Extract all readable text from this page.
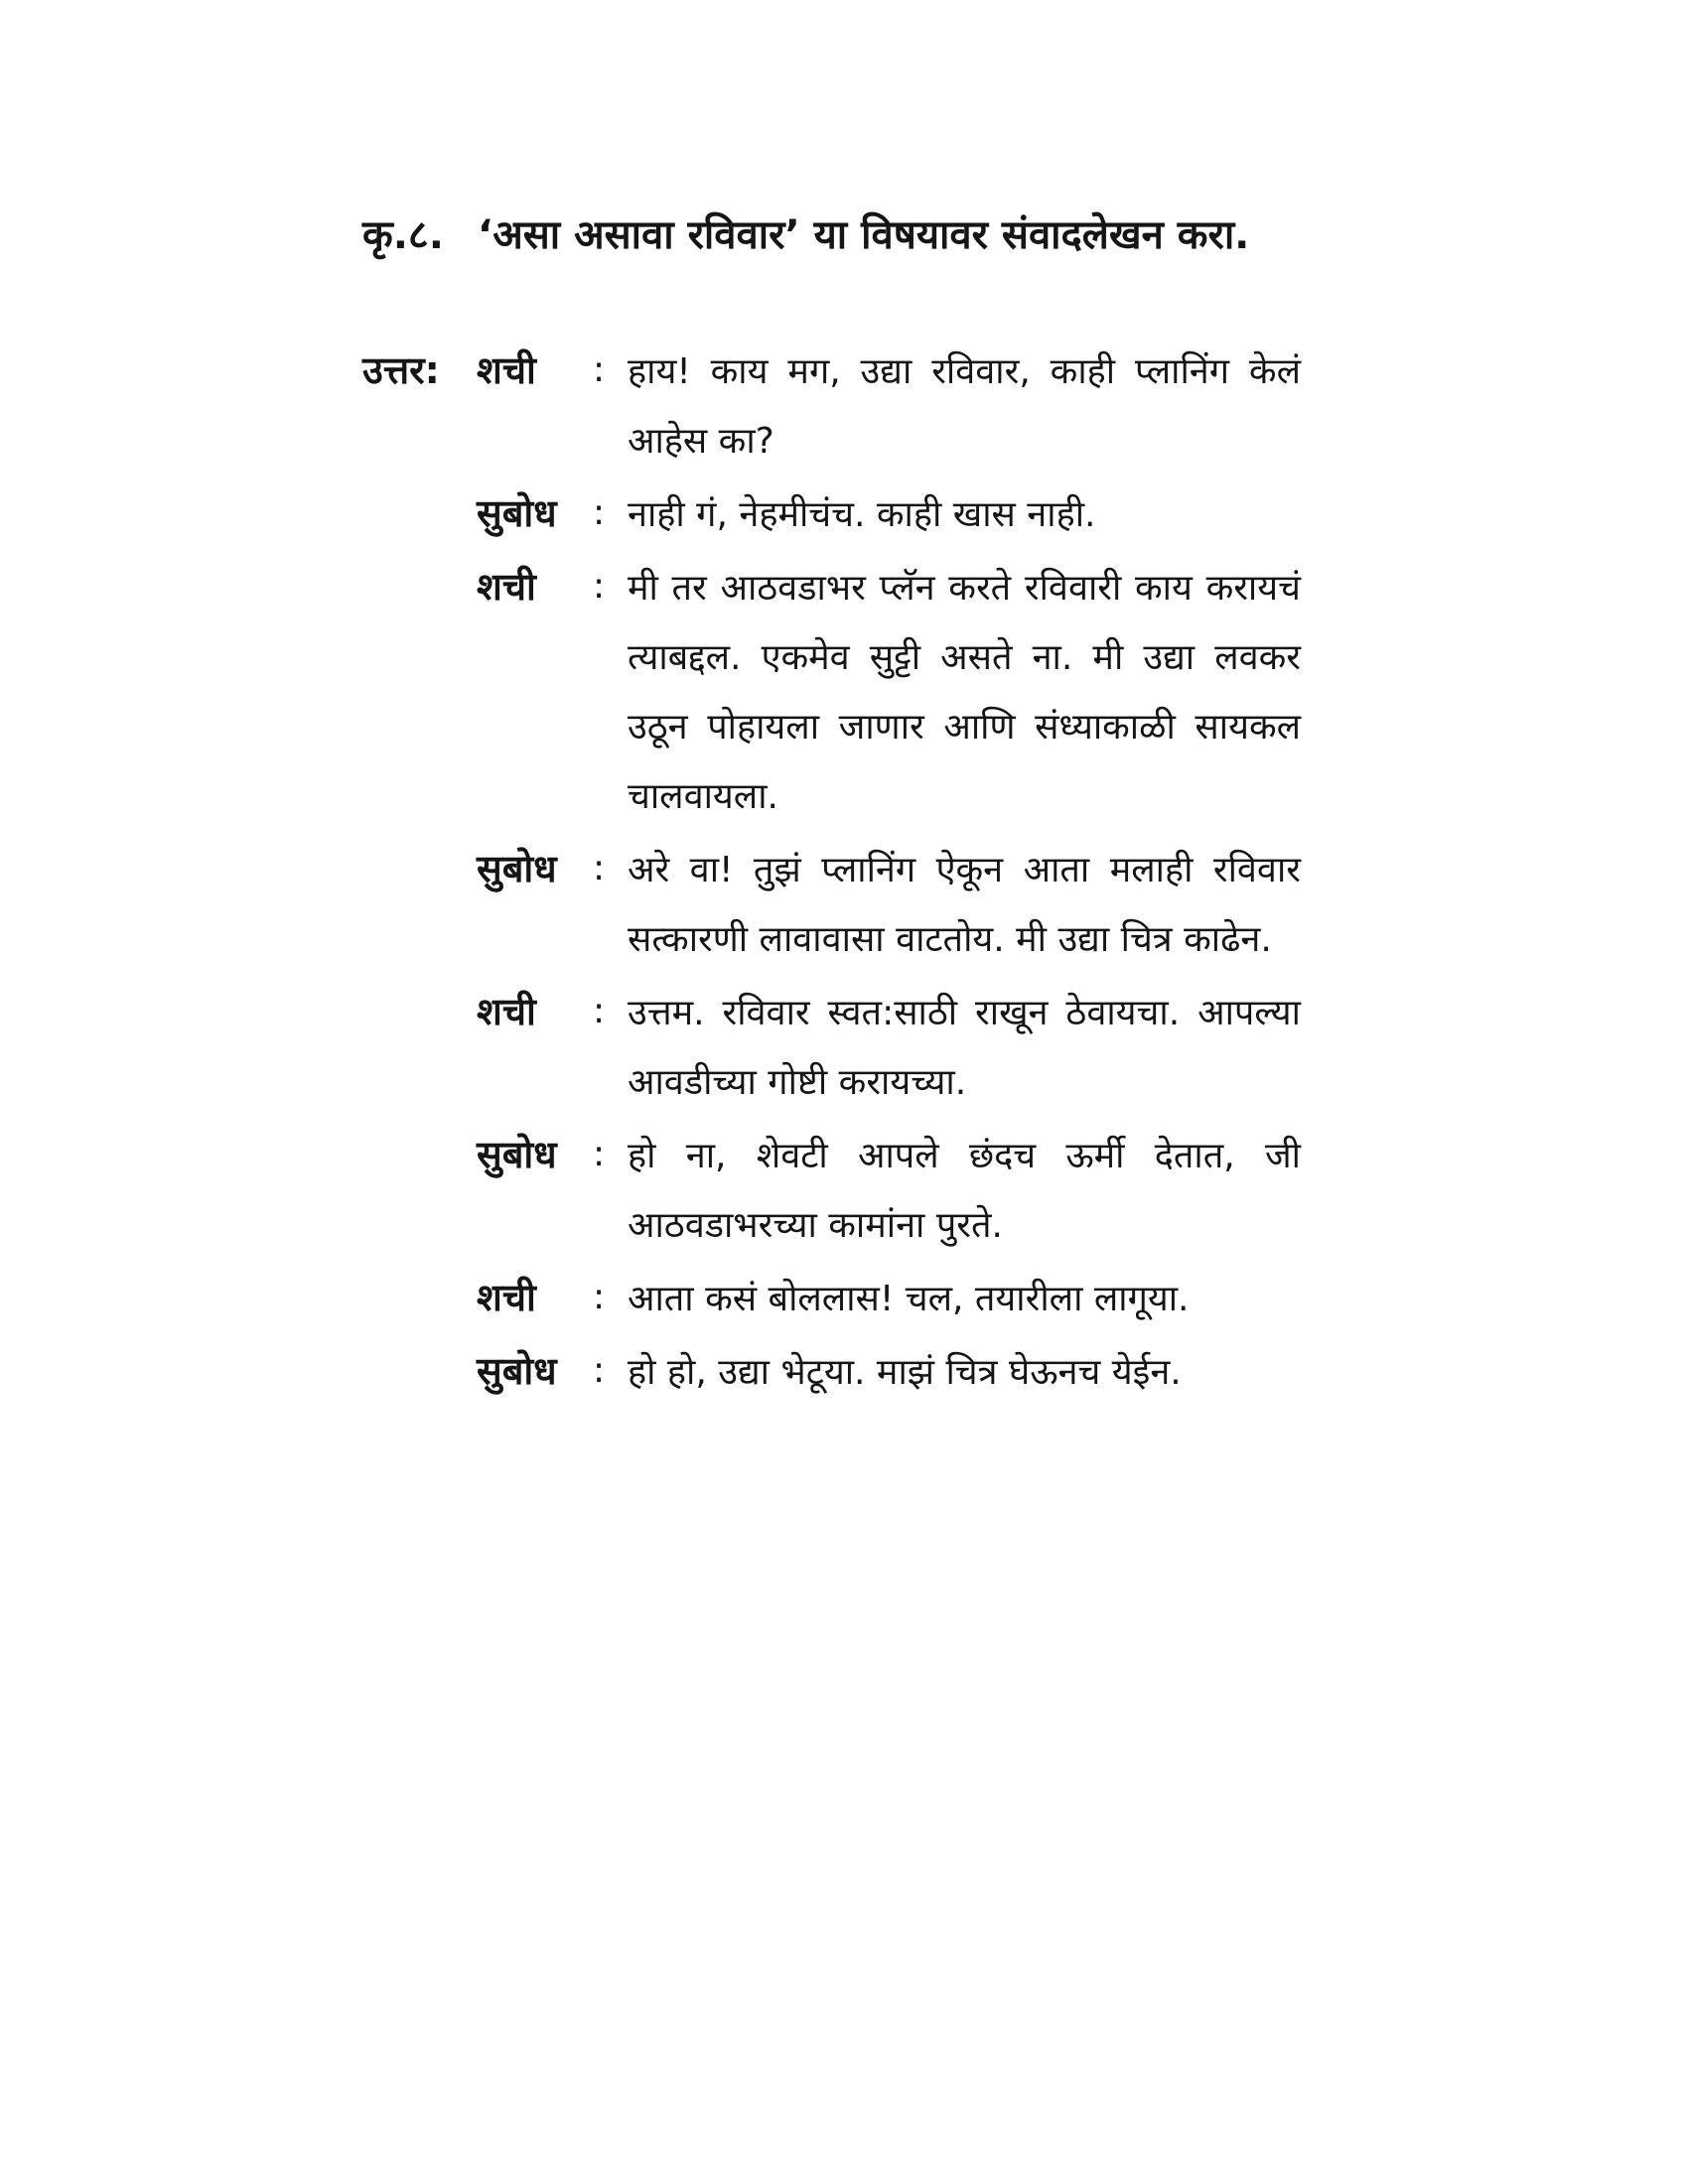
कृ.८. ‘असा असावा रविवार’ या विषयावर संवादलेखन करा.
उत्तर: शची	: हाय! काय मग, उद्या रविवार, काही प्लानिंग केलं आहेस का?
सुबोध	: नाही गं, नेहमीचंच. काही खास नाही.
शची	: मी तर आठवडाभर प्लॅन करते रविवारी काय करायचं त्याबद्दल. एकमेव सुट्टी असते ना. मी उद्या लवकर उठून पोहायला जाणार आणि संध्याकाळी सायकल चालवायला.
सुबोध	: अरे वा! तुझं प्लानिंग ऐकून आता मलाही रविवार सत्कारणी लावावासा वाटतोय. मी उद्या चित्र काढेन.
शची	: उत्तम. रविवार स्वत:साठी राखून ठेवायचा. आपल्या आवडीच्या गोष्टी करायच्या.
सुबोध	: हो ना, शेवटी आपले छंदच ऊर्मी देतात, जी आठवडाभरच्या कामांना पुरते.
शची	: आता कसं बोललास! चल, तयारीला लागूया.
सुबोध	: हो हो, उद्या भेटूया. माझं चित्र घेऊनच येईन.
